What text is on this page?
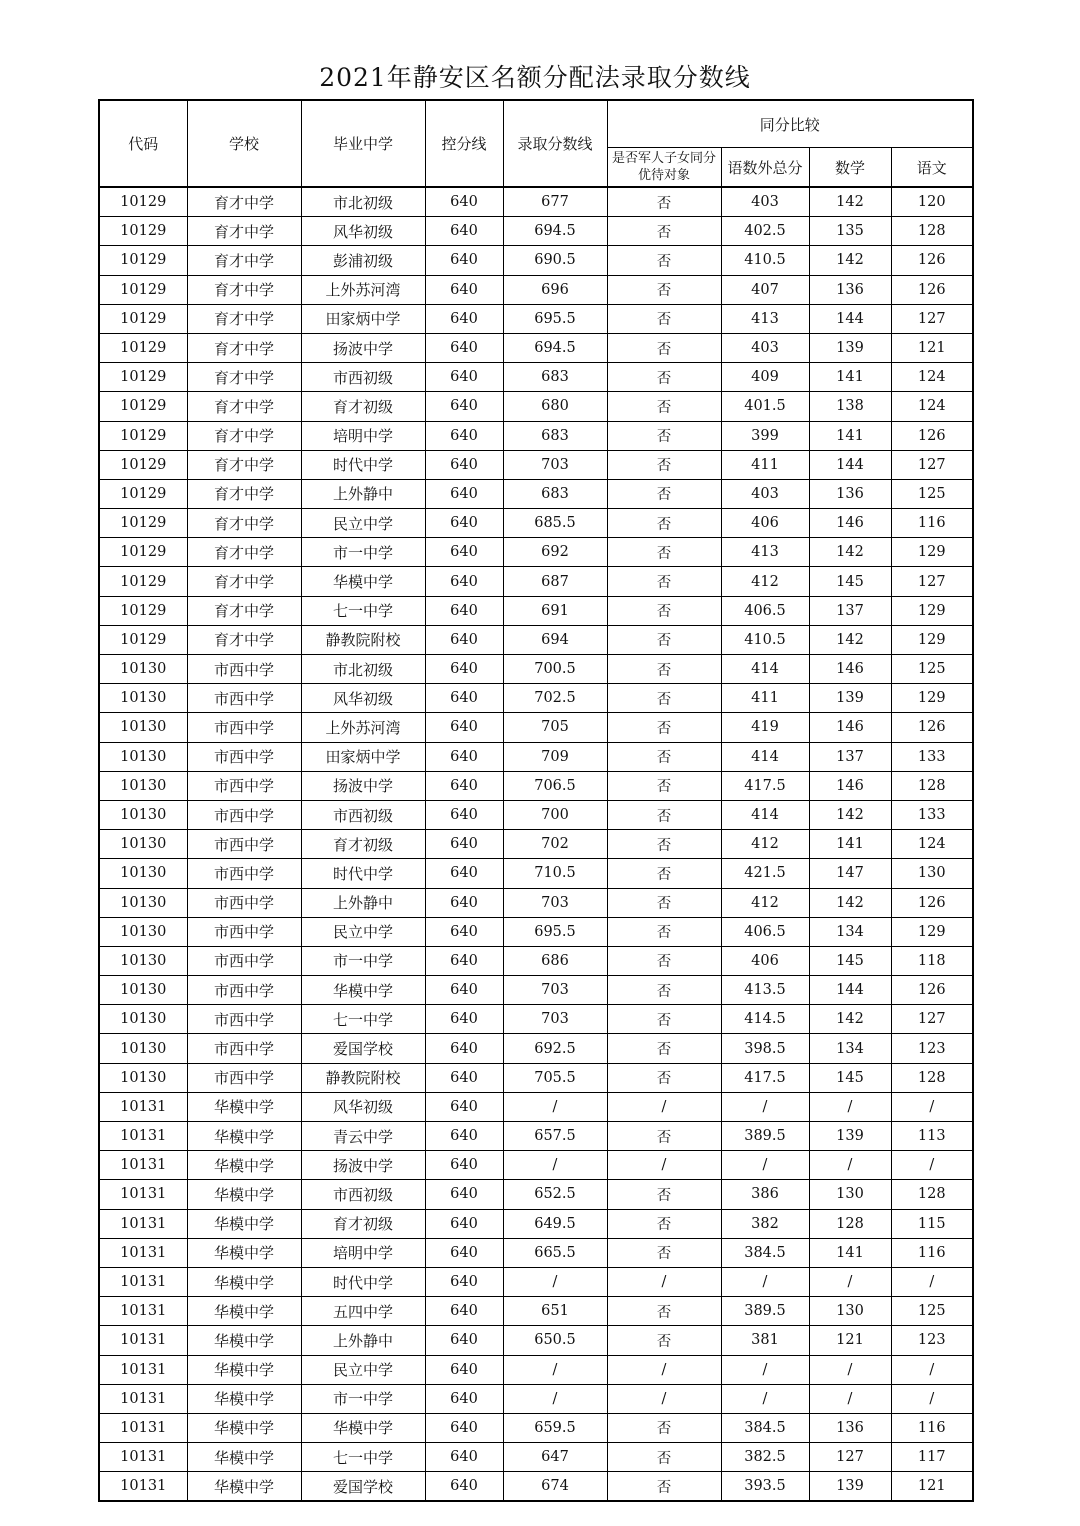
2021年静安区名额分配法录取分数线
代码	学校	毕业中学	控分线	录取分数线	同分比较			
					是否军人子女同分优待对象	语数外总分	数学	语文
10129	育才中学	市北初级	640	677	否	403	142	120
10129	育才中学	风华初级	640	694.5	否	402.5	135	128
10129	育才中学	彭浦初级	640	690.5	否	410.5	142	126
10129	育才中学	上外苏河湾	640	696	否	407	136	126
10129	育才中学	田家炳中学	640	695.5	否	413	144	127
10129	育才中学	扬波中学	640	694.5	否	403	139	121
10129	育才中学	市西初级	640	683	否	409	141	124
10129	育才中学	育才初级	640	680	否	401.5	138	124
10129	育才中学	培明中学	640	683	否	399	141	126
10129	育才中学	时代中学	640	703	否	411	144	127
10129	育才中学	上外静中	640	683	否	403	136	125
10129	育才中学	民立中学	640	685.5	否	406	146	116
10129	育才中学	市一中学	640	692	否	413	142	129
10129	育才中学	华模中学	640	687	否	412	145	127
10129	育才中学	七一中学	640	691	否	406.5	137	129
10129	育才中学	静教院附校	640	694	否	410.5	142	129
10130	市西中学	市北初级	640	700.5	否	414	146	125
10130	市西中学	风华初级	640	702.5	否	411	139	129
10130	市西中学	上外苏河湾	640	705	否	419	146	126
10130	市西中学	田家炳中学	640	709	否	414	137	133
10130	市西中学	扬波中学	640	706.5	否	417.5	146	128
10130	市西中学	市西初级	640	700	否	414	142	133
10130	市西中学	育才初级	640	702	否	412	141	124
10130	市西中学	时代中学	640	710.5	否	421.5	147	130
10130	市西中学	上外静中	640	703	否	412	142	126
10130	市西中学	民立中学	640	695.5	否	406.5	134	129
10130	市西中学	市一中学	640	686	否	406	145	118
10130	市西中学	华模中学	640	703	否	413.5	144	126
10130	市西中学	七一中学	640	703	否	414.5	142	127
10130	市西中学	爱国学校	640	692.5	否	398.5	134	123
10130	市西中学	静教院附校	640	705.5	否	417.5	145	128
10131	华模中学	风华初级	640	/	/	/	/	/
10131	华模中学	青云中学	640	657.5	否	389.5	139	113
10131	华模中学	扬波中学	640	/	/	/	/	/
10131	华模中学	市西初级	640	652.5	否	386	130	128
10131	华模中学	育才初级	640	649.5	否	382	128	115
10131	华模中学	培明中学	640	665.5	否	384.5	141	116
10131	华模中学	时代中学	640	/	/	/	/	/
10131	华模中学	五四中学	640	651	否	389.5	130	125
10131	华模中学	上外静中	640	650.5	否	381	121	123
10131	华模中学	民立中学	640	/	/	/	/	/
10131	华模中学	市一中学	640	/	/	/	/	/
10131	华模中学	华模中学	640	659.5	否	384.5	136	116
10131	华模中学	七一中学	640	647	否	382.5	127	117
10131	华模中学	爱国学校	640	674	否	393.5	139	121
